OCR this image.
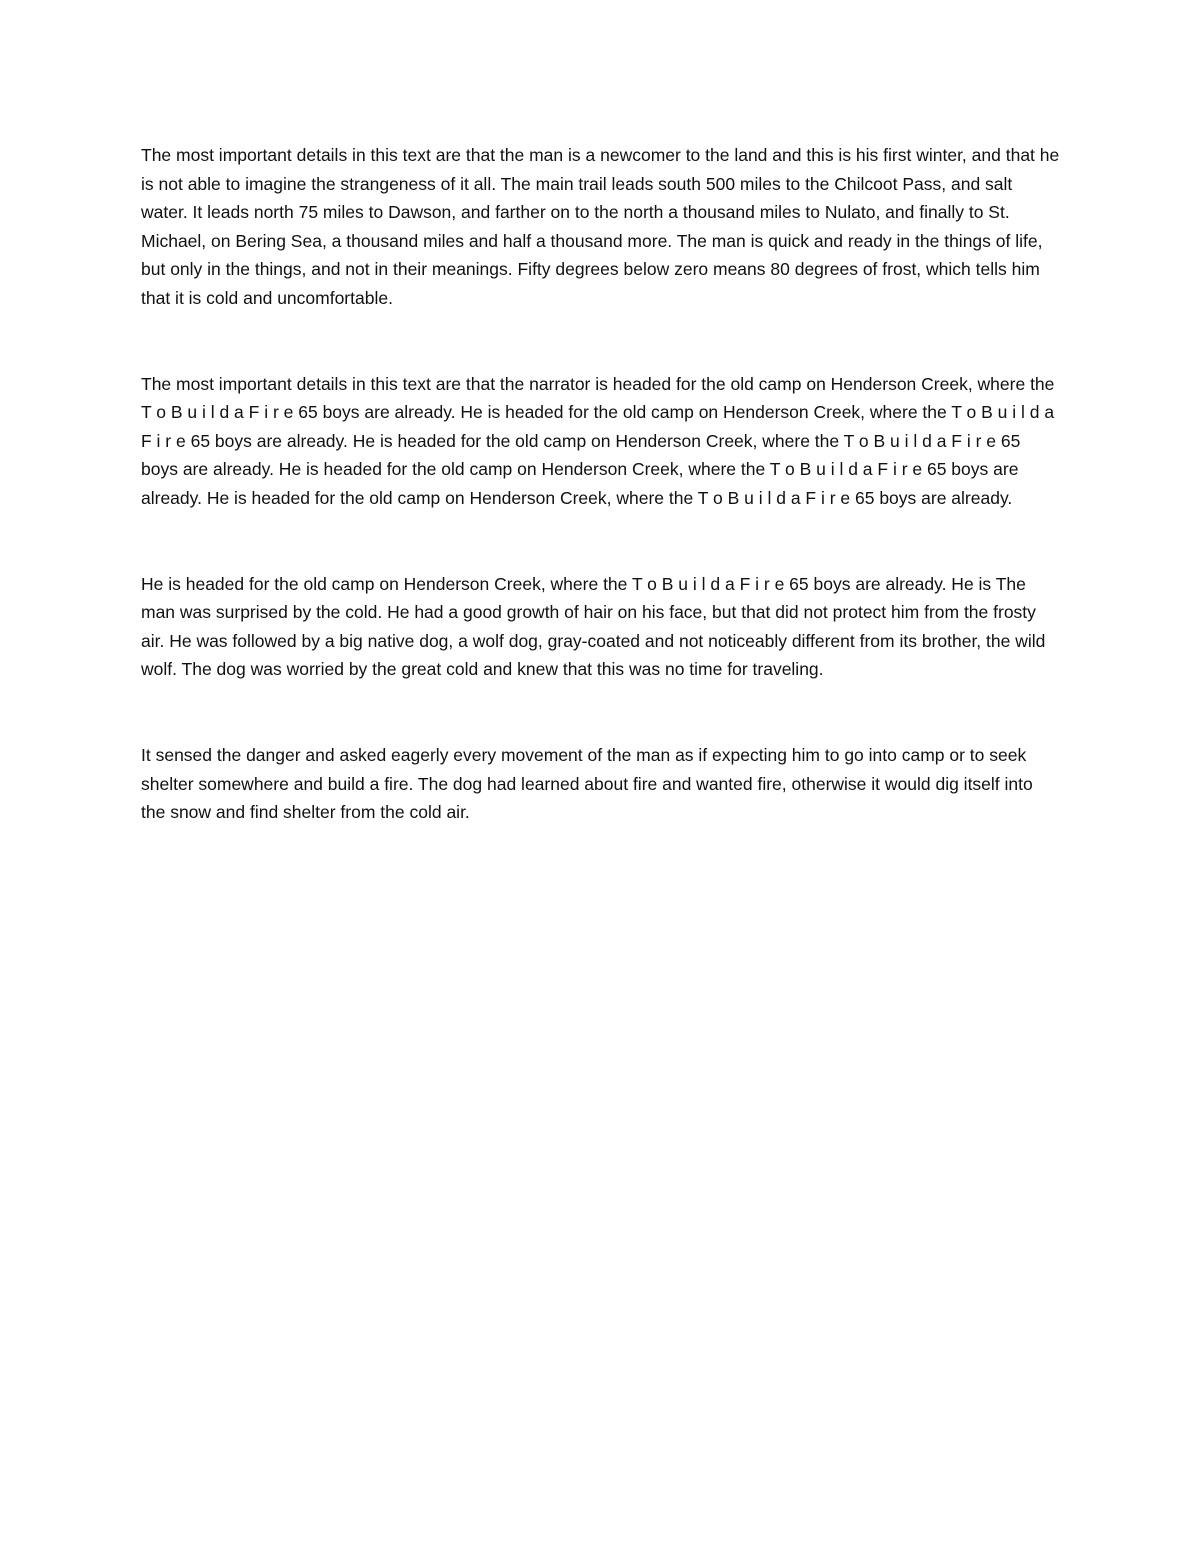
The most important details in this text are that the man is a newcomer to the land and this is his first winter, and that he is not able to imagine the strangeness of it all. The main trail leads south 500 miles to the Chilcoot Pass, and salt water. It leads north 75 miles to Dawson, and farther on to the north a thousand miles to Nulato, and finally to St. Michael, on Bering Sea, a thousand miles and half a thousand more. The man is quick and ready in the things of life, but only in the things, and not in their meanings. Fifty degrees below zero means 80 degrees of frost, which tells him that it is cold and uncomfortable.

The most important details in this text are that the narrator is headed for the old camp on Henderson Creek, where the T o B u i l d a F i r e 65 boys are already. He is headed for the old camp on Henderson Creek, where the T o B u i l d a F i r e 65 boys are already. He is headed for the old camp on Henderson Creek, where the T o B u i l d a F i r e 65 boys are already. He is headed for the old camp on Henderson Creek, where the T o B u i l d a F i r e 65 boys are already. He is headed for the old camp on Henderson Creek, where the T o B u i l d a F i r e 65 boys are already.

He is headed for the old camp on Henderson Creek, where the T o B u i l d a F i r e 65 boys are already. He is The man was surprised by the cold. He had a good growth of hair on his face, but that did not protect him from the frosty air. He was followed by a big native dog, a wolf dog, gray-coated and not noticeably different from its brother, the wild wolf. The dog was worried by the great cold and knew that this was no time for traveling.

It sensed the danger and asked eagerly every movement of the man as if expecting him to go into camp or to seek shelter somewhere and build a fire. The dog had learned about fire and wanted fire, otherwise it would dig itself into the snow and find shelter from the cold air.
